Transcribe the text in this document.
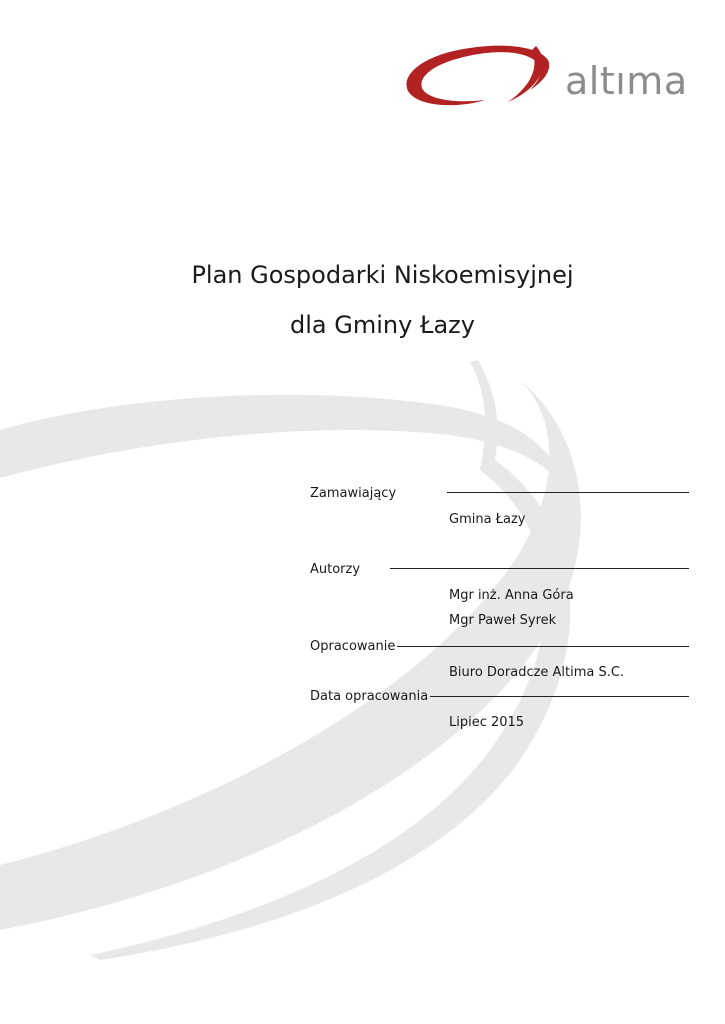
altıma
Plan Gospodarki Niskoemisyjnej
dla Gminy Łazy
Zamawiający
Gmina Łazy
Autorzy
Mgr inż. Anna Góra
Mgr Paweł Syrek
Opracowanie
Biuro Doradcze Altima S.C.
Data opracowania
Lipiec 2015
